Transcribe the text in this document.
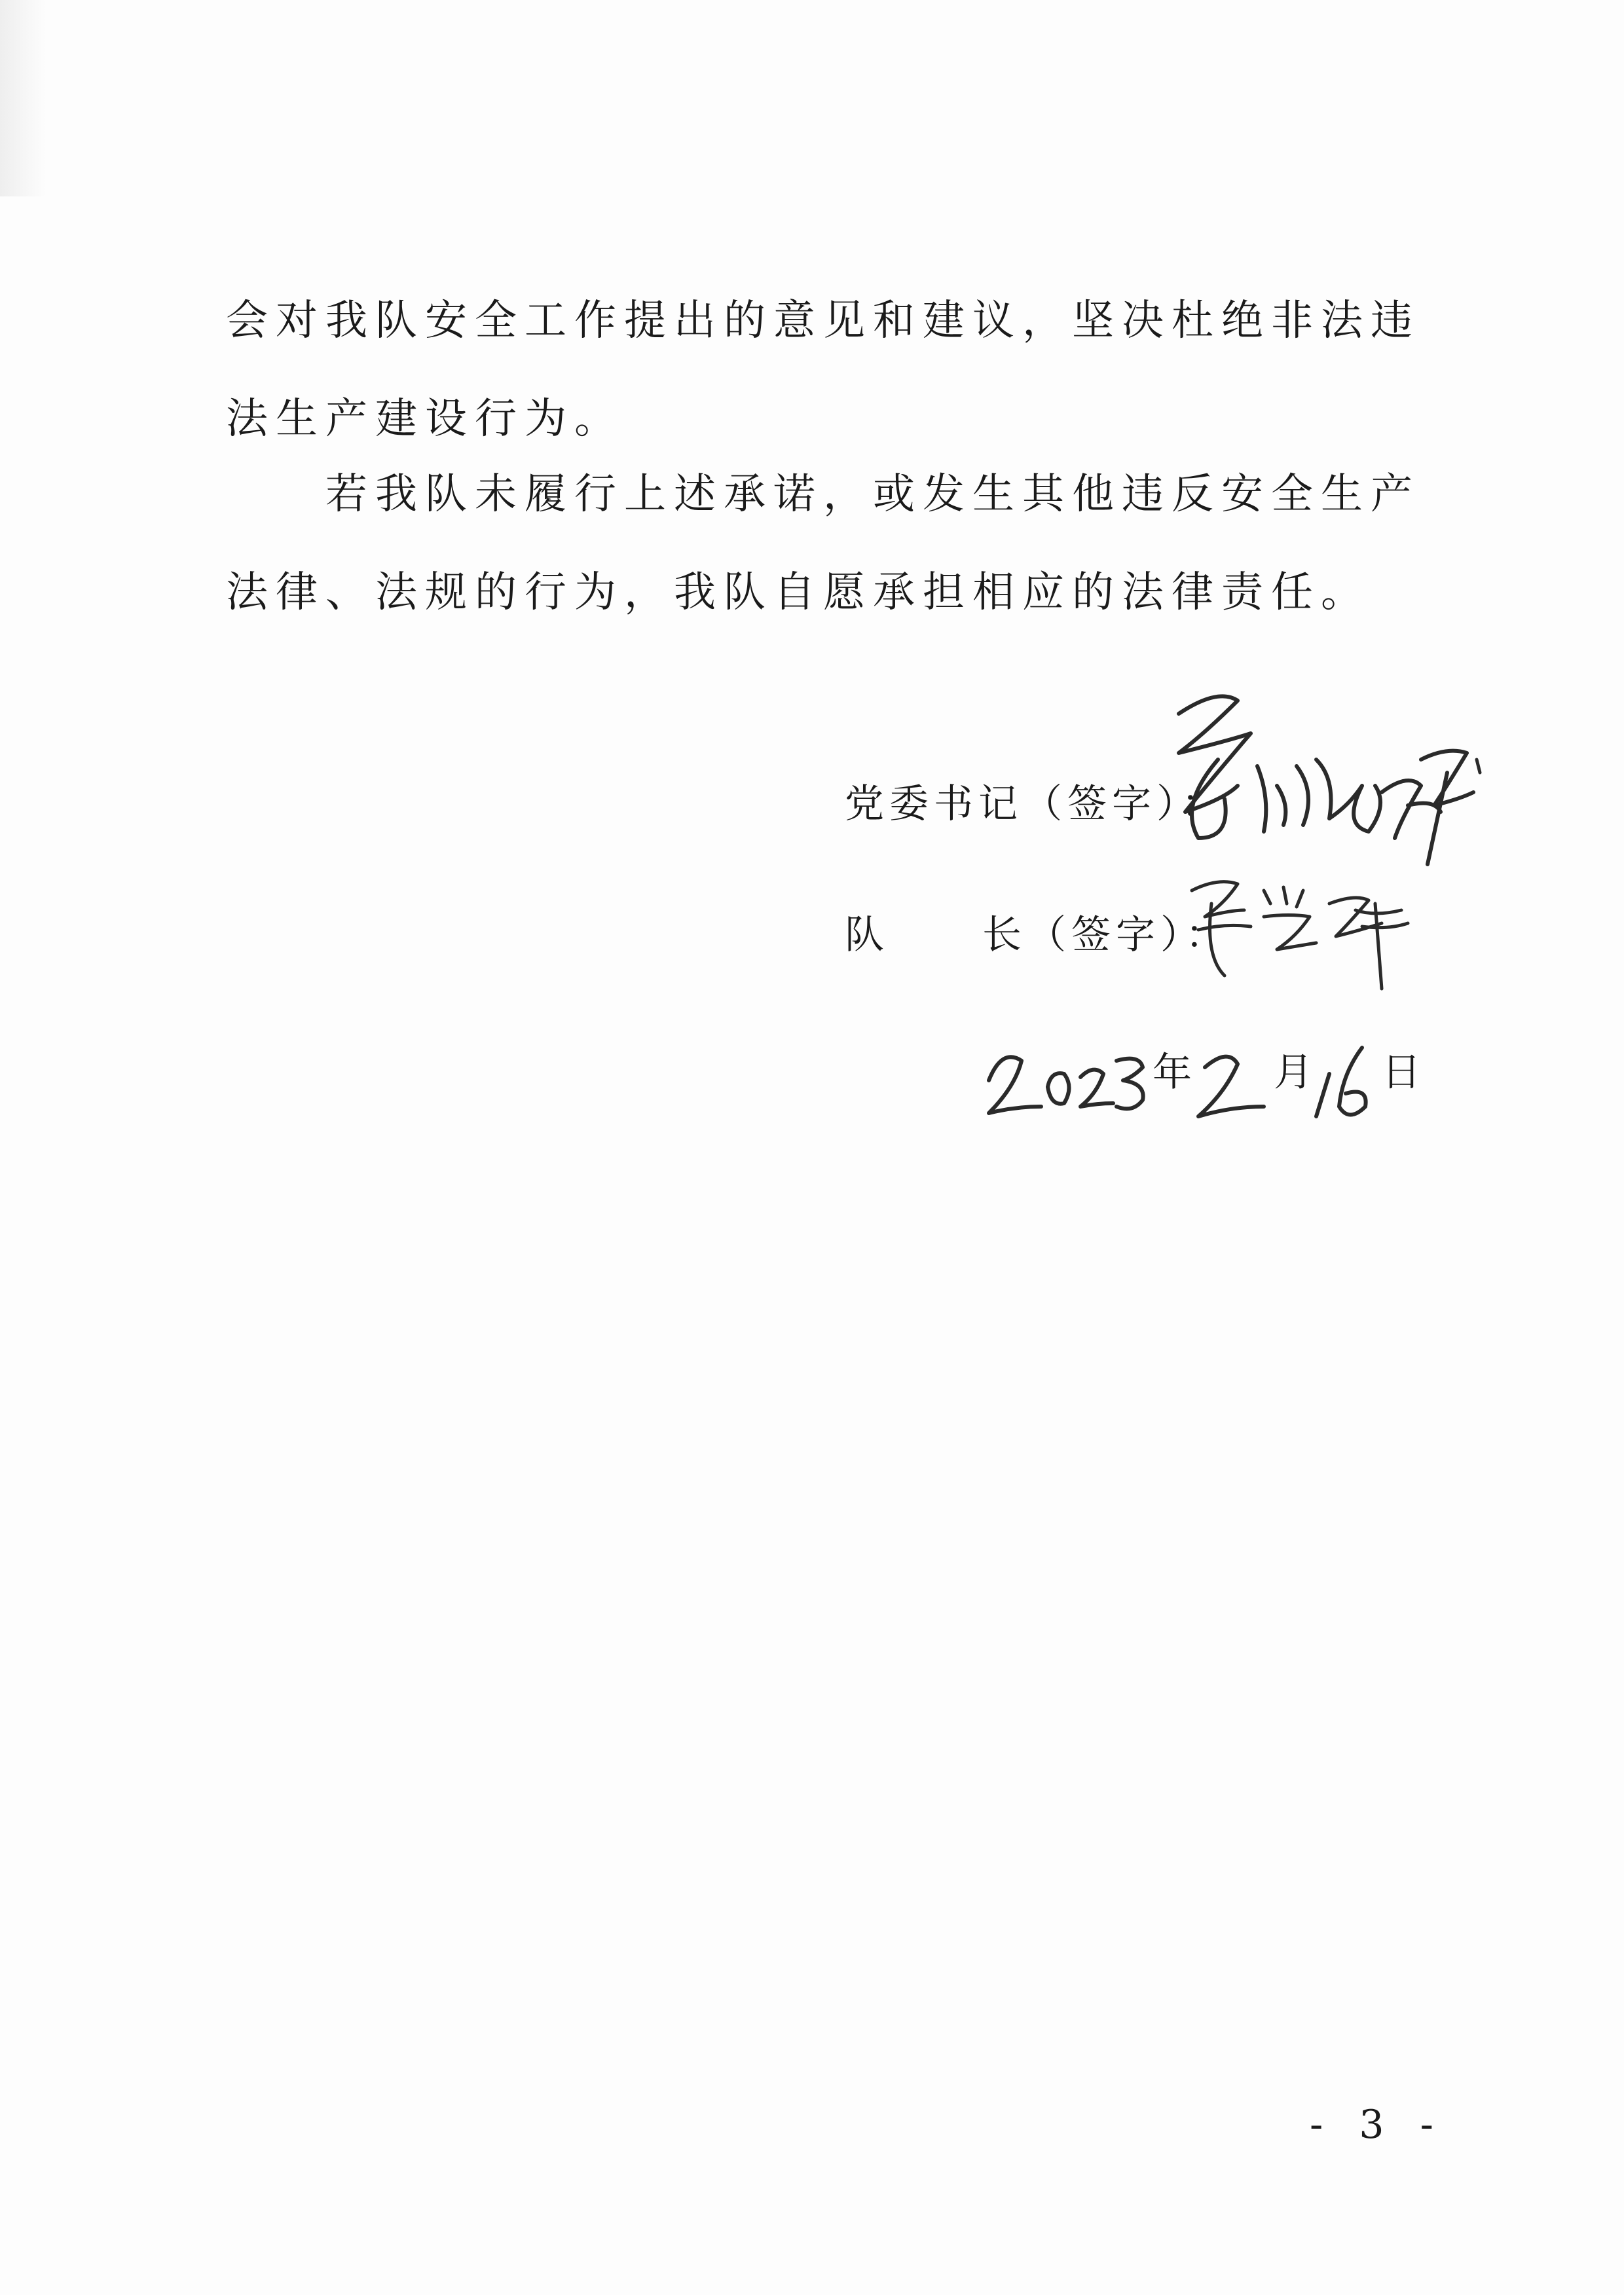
会对我队安全工作提出的意见和建议，坚决杜绝非法违法生产建设行为。

若我队未履行上述承诺，或发生其他违反安全生产法律、法规的行为，我队自愿承担相应的法律责任。

党委书记（签字）：
队 长（签字）：
年 月 日
- 3 -
